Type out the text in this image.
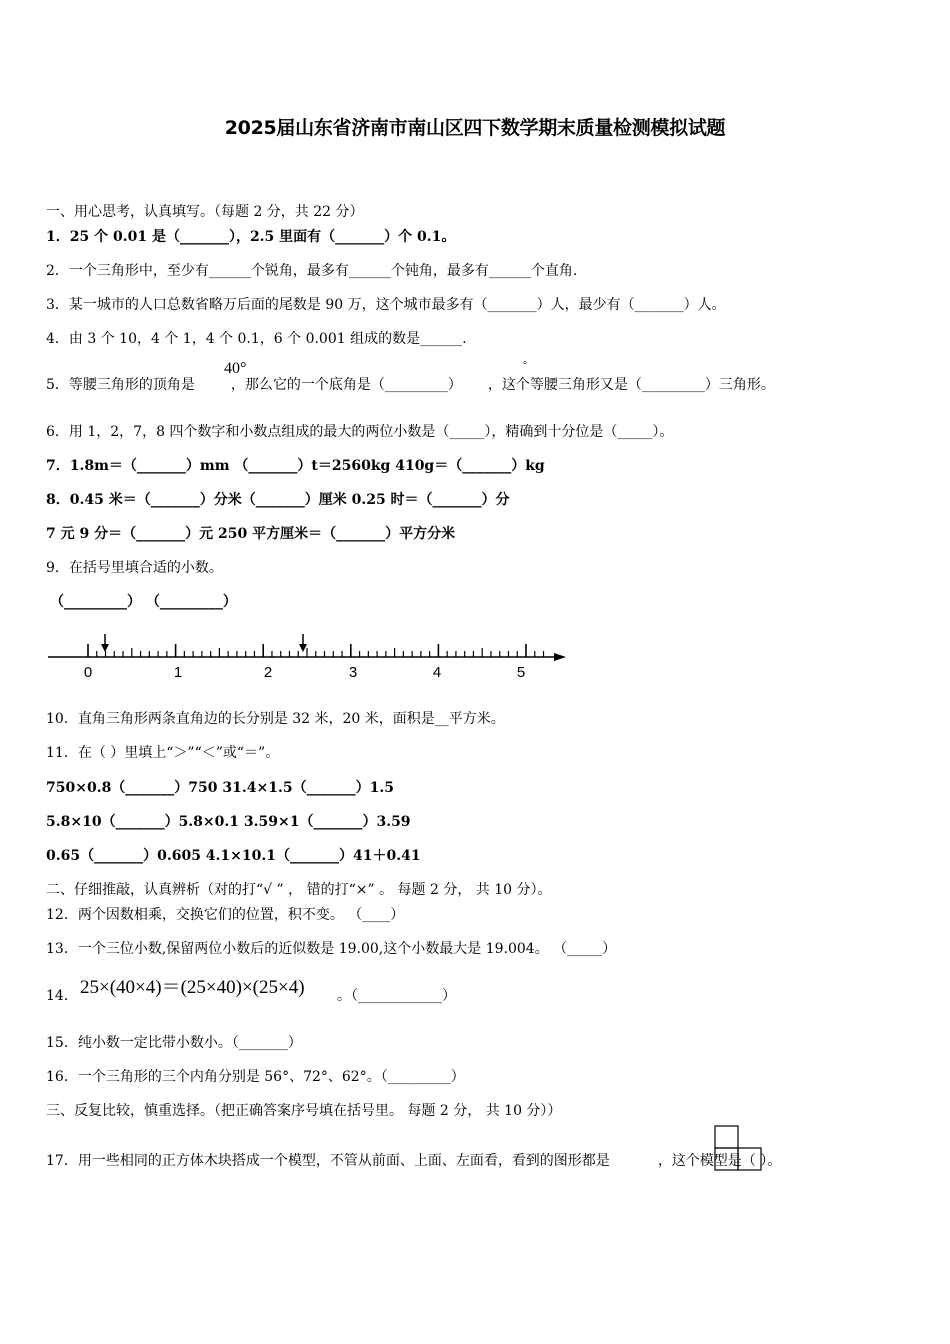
2025届山东省济南市南山区四下数学期末质量检测模拟试题
一、用心思考，认真填写。（每题 2 分，共 22 分）
1．25 个 0.01 是（_______），2.5 里面有（_______）个 0.1。
2．一个三角形中，至少有______个锐角，最多有______个钝角，最多有______个直角.
3．某一城市的人口总数省略万后面的尾数是 90 万，这个城市最多有（_______）人，最少有（_______）人。
4．由 3 个 10，4 个 1，4 个 0.1，6 个 0.001 组成的数是______.
5．等腰三角形的顶角是	，那么它的一个底角是（_________） ，这个等腰三角形又是（_________）三角形。
40°	°
6．用 1，2，7，8 四个数字和小数点组成的最大的两位小数是（_____），精确到十分位是（_____）。
7．1.8m＝（_______）mm （_______）t＝2560kg 410g＝（_______）kg
8．0.45 米＝（_______）分米（_______）厘米 0.25 时＝（_______）分
7 元 9 分＝（_______）元 250 平方厘米＝（_______）平方分米
9．在括号里填合适的小数。
（_________） （_________）
0	1	2	3	4	5
10．直角三角形两条直角边的长分别是 32 米，20 米，面积是__平方米。
11．在（ ）里填上“＞”“＜”或“＝”。
750×0.8（_______）750 31.4×1.5（_______）1.5
5.8×10（_______）5.8×0.1 3.59×1（_______）3.59
0.65（_______）0.605 4.1×10.1（_______）41＋0.41
二、仔细推敲，认真辨析（对的打“√ ” ， 错的打“×” 。 每题 2 分， 共 10 分）。
12．两个因数相乘，交换它们的位置，积不变。 （____）
13．一个三位小数,保留两位小数后的近似数是 19.00,这个小数最大是 19.004。 （_____）
14． 25×(40×4)＝(25×40)×(25×4) 。（____________）
15．纯小数一定比带小数小。（_______）
16．一个三角形的三个内角分别是 56°、72°、62°。（_________）
三、反复比较，慎重选择。（把正确答案序号填在括号里。 每题 2 分， 共 10 分））
17．用一些相同的正方体木块搭成一个模型，不管从前面、上面、左面看，看到的图形都是	，这个模型是（ ）。
